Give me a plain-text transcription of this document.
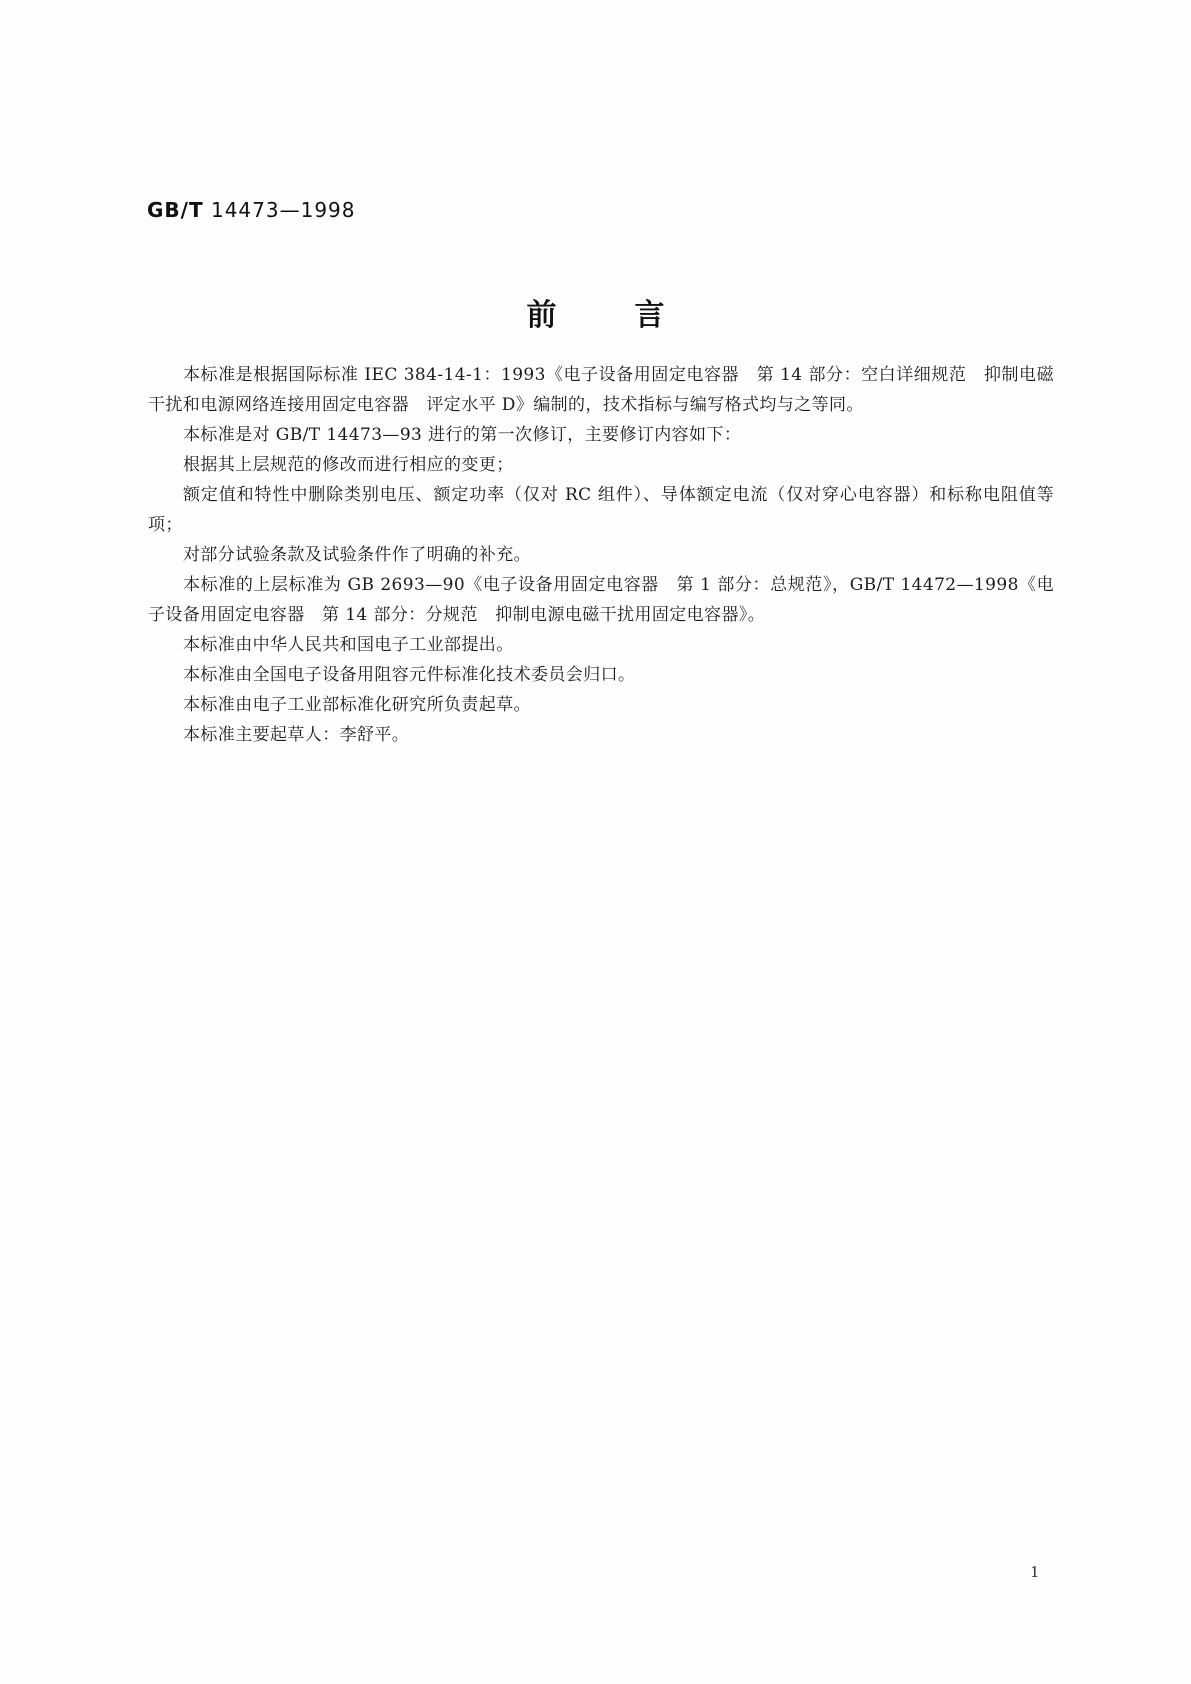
GB/T 14473—1998
前言

本标准是根据国际标准 IEC 384-14-1：1993《电子设备用固定电容器　第 14 部分：空白详细规范　抑制电磁干扰和电源网络连接用固定电容器　评定水平 D》编制的，技术指标与编写格式均与之等同。

本标准是对 GB/T 14473—93 进行的第一次修订，主要修订内容如下：

根据其上层规范的修改而进行相应的变更；

额定值和特性中删除类别电压、额定功率（仅对 RC 组件）、导体额定电流（仅对穿心电容器）和标称电阻值等项；

对部分试验条款及试验条件作了明确的补充。

本标准的上层标准为 GB 2693—90《电子设备用固定电容器　第 1 部分：总规范》，GB/T 14472—1998《电子设备用固定电容器　第 14 部分：分规范　抑制电源电磁干扰用固定电容器》。

本标准由中华人民共和国电子工业部提出。

本标准由全国电子设备用阻容元件标准化技术委员会归口。

本标准由电子工业部标准化研究所负责起草。

本标准主要起草人：李舒平。

1
